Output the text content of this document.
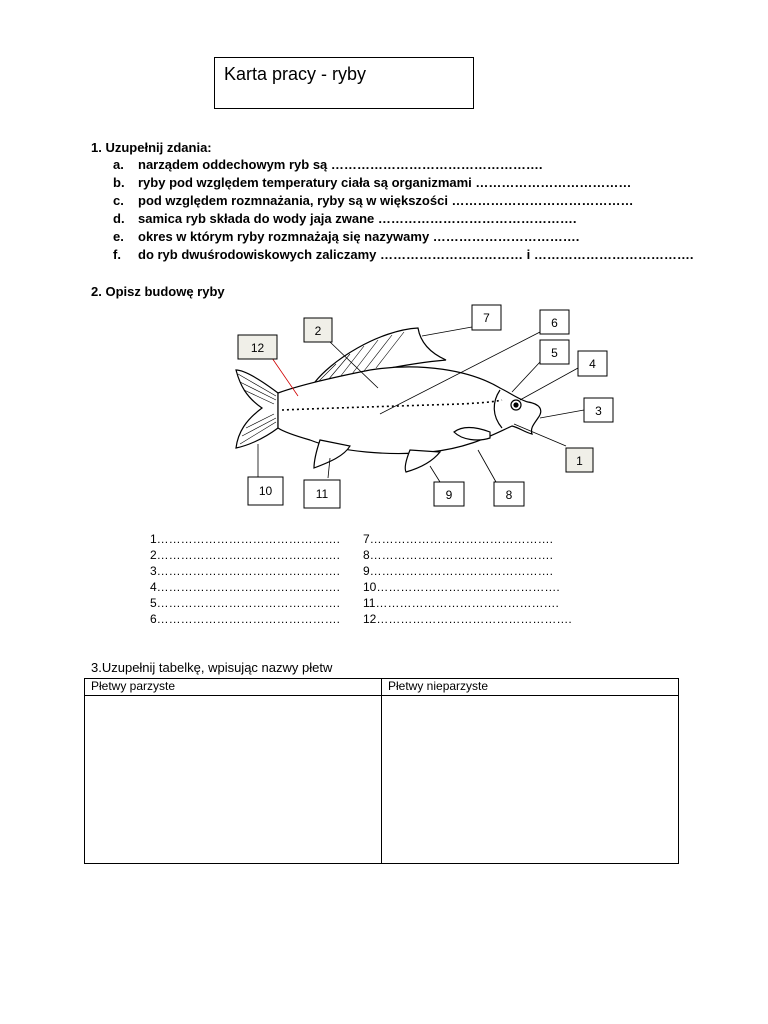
Karta pracy - ryby
1. Uzupełnij zdania:
a.	narządem oddechowym ryb są ………………………………………….
b.	ryby pod względem temperatury ciała są organizmami ………………………………
c.	pod względem rozmnażania, ryby są w większości ……………………………………
d.	samica ryb składa do wody jaja zwane ……………………………………….
e.	okres w którym ryby rozmnażają się nazywamy …………………………….
f.	do ryb dwuśrodowiskowych zaliczamy …………………………… i ……………………………….
2. Opisz budowę ryby
1
2
3
4
5
6
7
8
9
10	11
12
1……………………………………….
2……………………………………….
3……………………………………….
4……………………………………….
5……………………………………….
6……………………………………….
7……………………………………….
8……………………………………….
9……………………………………….
10……………………………………….
11……………………………………….
12………………………………………….
3.Uzupełnij tabelkę, wpisując nazwy płetw
Płetwy parzyste	Płetwy nieparzyste
